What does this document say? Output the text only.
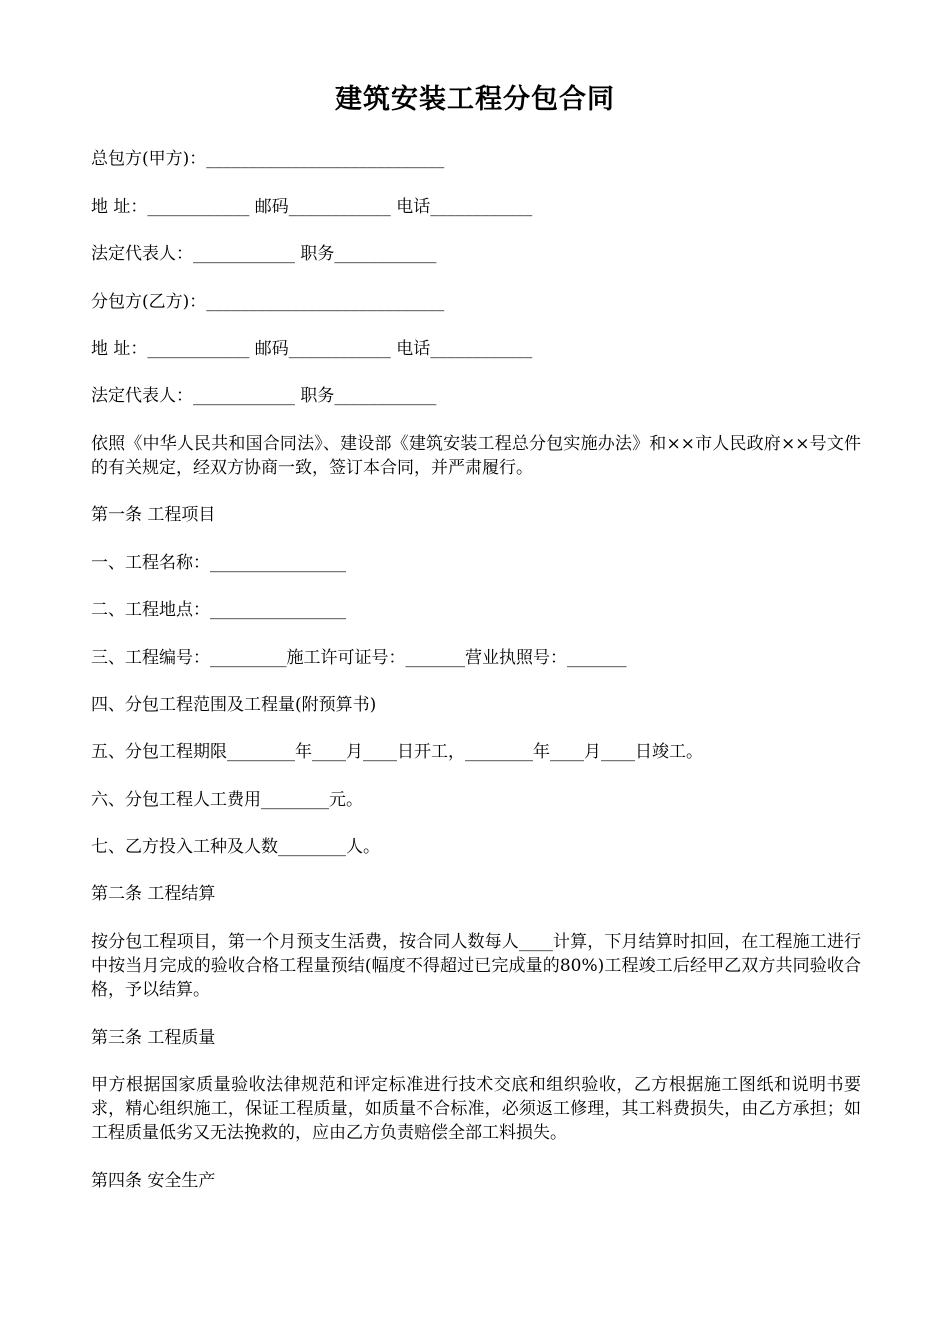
建筑安装工程分包合同
总包方(甲方)：____________________________
地 址：____________ 邮码____________ 电话____________
法定代表人：____________ 职务____________
分包方(乙方)：____________________________
地 址：____________ 邮码____________ 电话____________
法定代表人：____________ 职务____________
依照《中华人民共和国合同法》、建设部《建筑安装工程总分包实施办法》和××市人民政府××号文件的有关规定，经双方协商一致，签订本合同，并严肃履行。
第一条 工程项目
一、工程名称：________________
二、工程地点：________________
三、工程编号：_________施工许可证号：_______营业执照号：_______
四、分包工程范围及工程量(附预算书)
五、分包工程期限________年____月____日开工，________年____月____日竣工。
六、分包工程人工费用________元。
七、乙方投入工种及人数________人。
第二条 工程结算
按分包工程项目，第一个月预支生活费，按合同人数每人____计算，下月结算时扣回，在工程施工进行中按当月完成的验收合格工程量预结(幅度不得超过已完成量的80%)工程竣工后经甲乙双方共同验收合格，予以结算。
第三条 工程质量
甲方根据国家质量验收法律规范和评定标准进行技术交底和组织验收，乙方根据施工图纸和说明书要求，精心组织施工，保证工程质量，如质量不合标准，必须返工修理，其工料费损失，由乙方承担；如工程质量低劣又无法挽救的，应由乙方负责赔偿全部工料损失。
第四条 安全生产
